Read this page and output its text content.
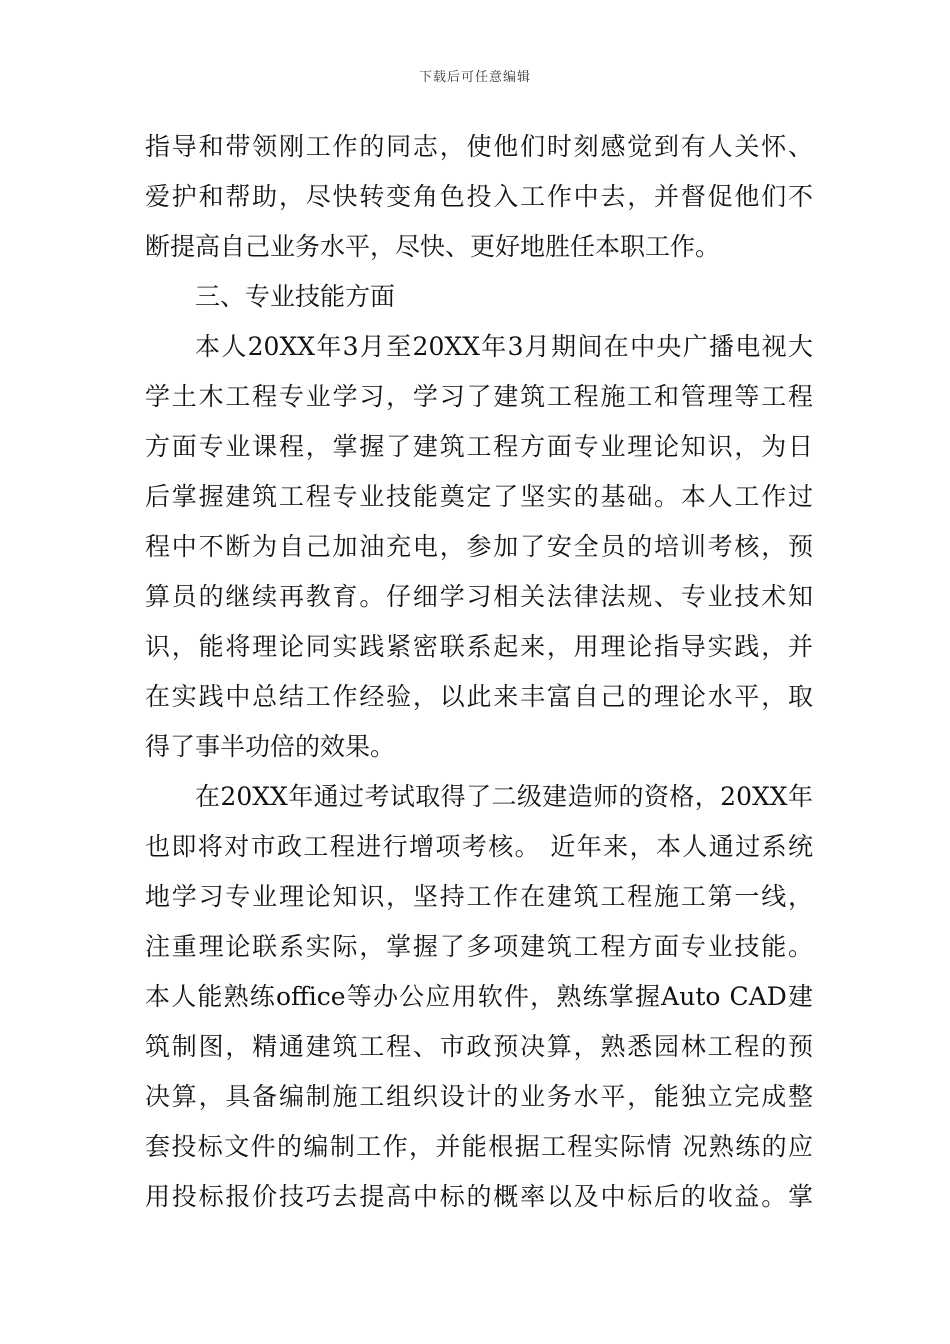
下载后可任意编辑
指导和带领刚工作的同志，使他们时刻感觉到有人关怀、
爱护和帮助，尽快转变角色投入工作中去，并督促他们不
断提高自己业务水平，尽快、更好地胜任本职工作。
三、专业技能方面
本人20XX年3月至20XX年3月期间在中央广播电视大
学土木工程专业学习，学习了建筑工程施工和管理等工程
方面专业课程，掌握了建筑工程方面专业理论知识，为日
后掌握建筑工程专业技能奠定了坚实的基础。本人工作过
程中不断为自己加油充电，参加了安全员的培训考核，预
算员的继续再教育。仔细学习相关法律法规、专业技术知
识，能将理论同实践紧密联系起来，用理论指导实践，并
在实践中总结工作经验，以此来丰富自己的理论水平，取
得了事半功倍的效果。
在20XX年通过考试取得了二级建造师的资格，20XX年
也即将对市政工程进行增项考核。 近年来，本人通过系统
地学习专业理论知识，坚持工作在建筑工程施工第一线，
注重理论联系实际，掌握了多项建筑工程方面专业技能。
本人能熟练office等办公应用软件，熟练掌握Auto CAD建
筑制图，精通建筑工程、市政预决算，熟悉园林工程的预
决算，具备编制施工组织设计的业务水平，能独立完成整
套投标文件的编制工作，并能根据工程实际情 况熟练的应
用投标报价技巧去提高中标的概率以及中标后的收益。掌
